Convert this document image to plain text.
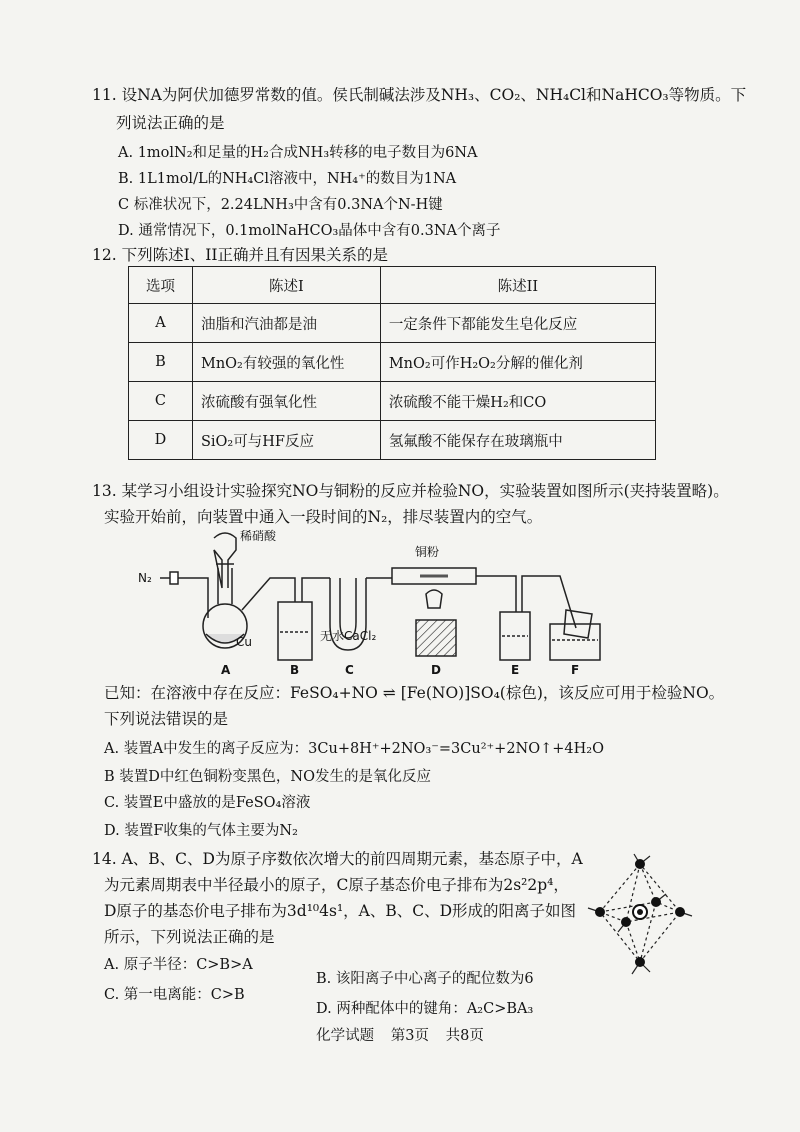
11. 设NA为阿伏加德罗常数的值。侯氏制碱法涉及NH₃、CO₂、NH₄Cl和NaHCO₃等物质。下
列说法正确的是
A. 1molN₂和足量的H₂合成NH₃转移的电子数目为6NA
B. 1L1mol/L的NH₄Cl溶液中，NH₄⁺的数目为1NA
C 标准状况下，2.24LNH₃中含有0.3NA个N-H键
D. 通常情况下，0.1molNaHCO₃晶体中含有0.3NA个离子
12. 下列陈述I、II正确并且有因果关系的是
选项	陈述I	陈述II
A	油脂和汽油都是油	一定条件下都能发生皂化反应
B	MnO₂有较强的氧化性	MnO₂可作H₂O₂分解的催化剂
C	浓硫酸有强氧化性	浓硫酸不能干燥H₂和CO
D	SiO₂可与HF反应	氢氟酸不能保存在玻璃瓶中
13. 某学习小组设计实验探究NO与铜粉的反应并检验NO，实验装置如图所示(夹持装置略)。
实验开始前，向装置中通入一段时间的N₂，排尽装置内的空气。
N₂
稀硝酸
Cu	无水CaCl₂
铜粉
A	B	C	D	E	F
已知：在溶液中存在反应：FeSO₄+NO ⇌ [Fe(NO)]SO₄(棕色)，该反应可用于检验NO。
下列说法错误的是
A. 装置A中发生的离子反应为：3Cu+8H⁺+2NO₃⁻=3Cu²⁺+2NO↑+4H₂O
B 装置D中红色铜粉变黑色，NO发生的是氧化反应
C. 装置E中盛放的是FeSO₄溶液
D. 装置F收集的气体主要为N₂
14. A、B、C、D为原子序数依次增大的前四周期元素，基态原子中，A
为元素周期表中半径最小的原子，C原子基态价电子排布为2s²2p⁴，
D原子的基态价电子排布为3d¹⁰4s¹，A、B、C、D形成的阳离子如图
所示，下列说法正确的是
A. 原子半径：C>B>A
B. 该阳离子中心离子的配位数为6
C. 第一电离能：C>B
D. 两种配体中的键角：A₂C>BA₃
化学试题 第3页 共8页
